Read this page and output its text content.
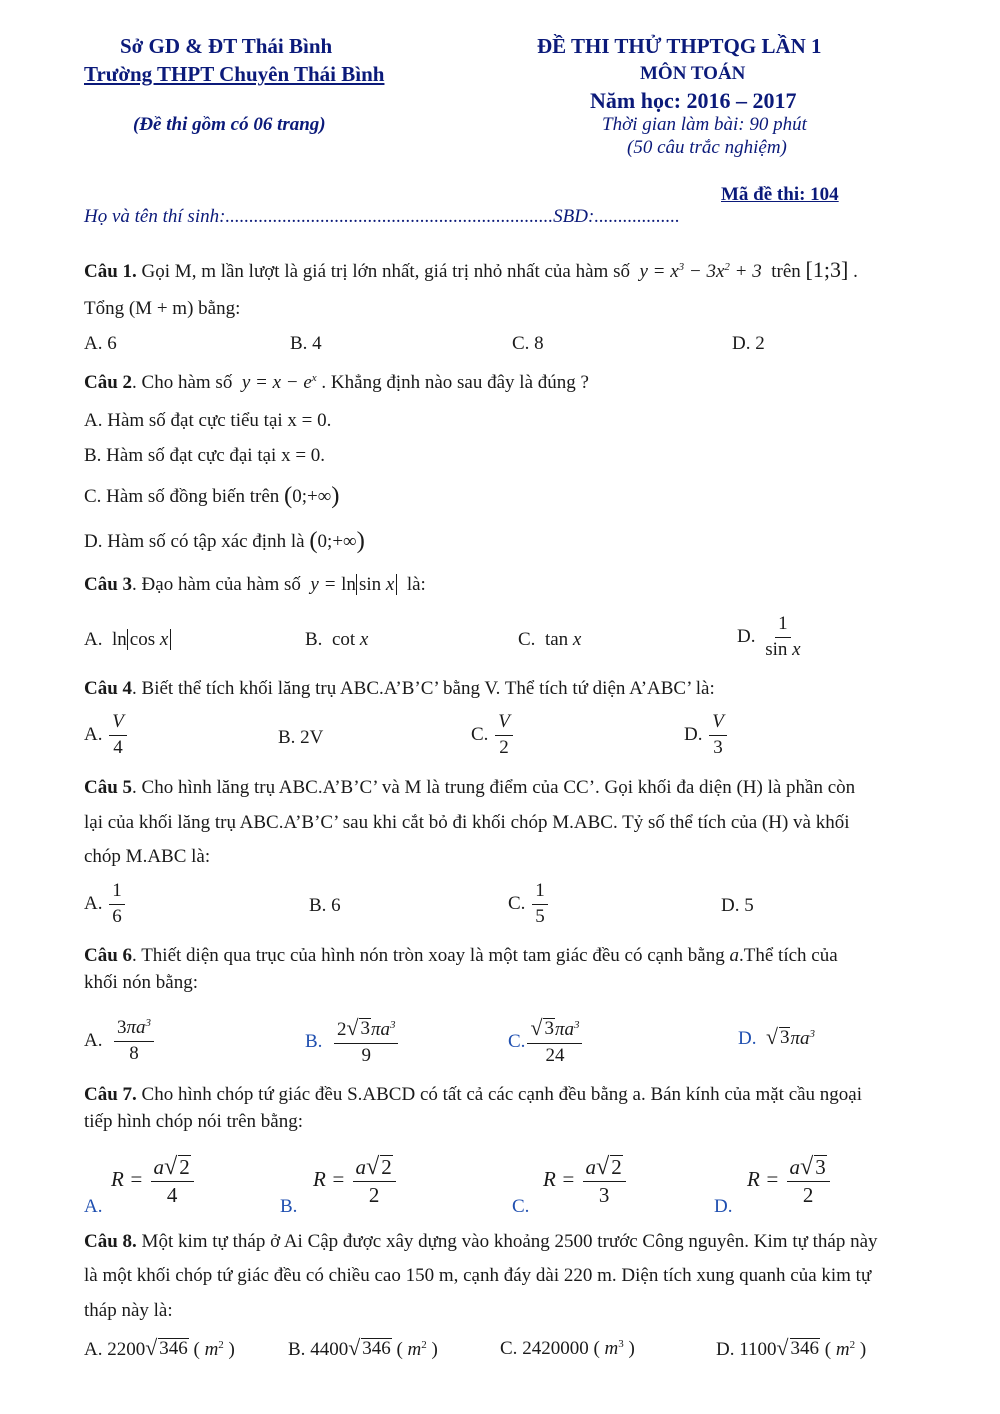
Sở GD & ĐT Thái Bình
Trường THPT Chuyên Thái Bình
(Đề thi gồm có 06 trang)
ĐỀ THI THỬ THPTQG LẦN 1
MÔN TOÁN
Năm học: 2016 – 2017
Thời gian làm bài: 90 phút
(50 câu trắc nghiệm)
Mã đề thi: 104
Họ và tên thí sinh:.....................................................................SBD:..................
Câu 1. Gọi M, m lần lượt là giá trị lớn nhất, giá trị nhỏ nhất của hàm số $y = x^3 - 3x^2 + 3$ trên [1;3] .
Tổng (M + m) bằng:
A. 6	B. 4	C. 8	D. 2
Câu 2. Cho hàm số $y = x - e^x$ . Khẳng định nào sau đây là đúng ?
A. Hàm số đạt cực tiểu tại x = 0.
B. Hàm số đạt cực đại tại x = 0.
C. Hàm số đồng biến trên (0;+∞)
D. Hàm số có tập xác định là (0;+∞)
Câu 3. Đạo hàm của hàm số y = ln sin x là:
A. ln cos x	B. cot x	C. tan x	D. $\frac{1}{\text{sin x}}$
Câu 4. Biết thể tích khối lăng trụ ABC.A’B’C’ bằng V. Thể tích tứ diện A’ABC’ là:
A. $\frac{V}{4}$	B. 2V	C. $\frac{V}{2}$	D. $\frac{V}{3}$
Câu 5. Cho hình lăng trụ ABC.A’B’C’ và M là trung điểm của CC’. Gọi khối đa diện (H) là phần còn
lại của khối lăng trụ ABC.A’B’C’ sau khi cắt bỏ đi khối chóp M.ABC. Tỷ số thể tích của (H) và khối
chóp M.ABC là:
A. $\frac{1}{6}$	B. 6	C. $\frac{1}{5}$	D. 5
Câu 6. Thiết diện qua trục của hình nón tròn xoay là một tam giác đều có cạnh bằng a.Thể tích của
khối nón bằng:
A. $\frac{3\pi a^3}{8}$	B. $\frac{2 √ 3 \pi a^3}{9}$	C. $\frac{√ 3 \pi a^3}{24}$	D. √ 3 $\pi a^3$
Câu 7. Cho hình chóp tứ giác đều S.ABCD có tất cả các cạnh đều bằng a. Bán kính của mặt cầu ngoại
tiếp hình chóp nói trên bằng:
A.
$R = \frac{a √ 2}{4}$	B.
$R = \frac{a √ 2}{2}$	C.
$R = \frac{a √ 2}{3}$	D.
$R = \frac{a √ 3}{2}$
Câu 8. Một kim tự tháp ở Ai Cập được xây dựng vào khoảng 2500 trước Công nguyên. Kim tự tháp này
là một khối chóp tứ giác đều có chiều cao 150 m, cạnh đáy dài 220 m. Diện tích xung quanh của kim tự
tháp này là:
A. 2200 √ 346 ( $m^2$ )	B. 4400 √ 346 ( $m^2$ )	C. 2420000 ( $m^3$ )	D. 1100 √ 346 ( $m^2$ )
